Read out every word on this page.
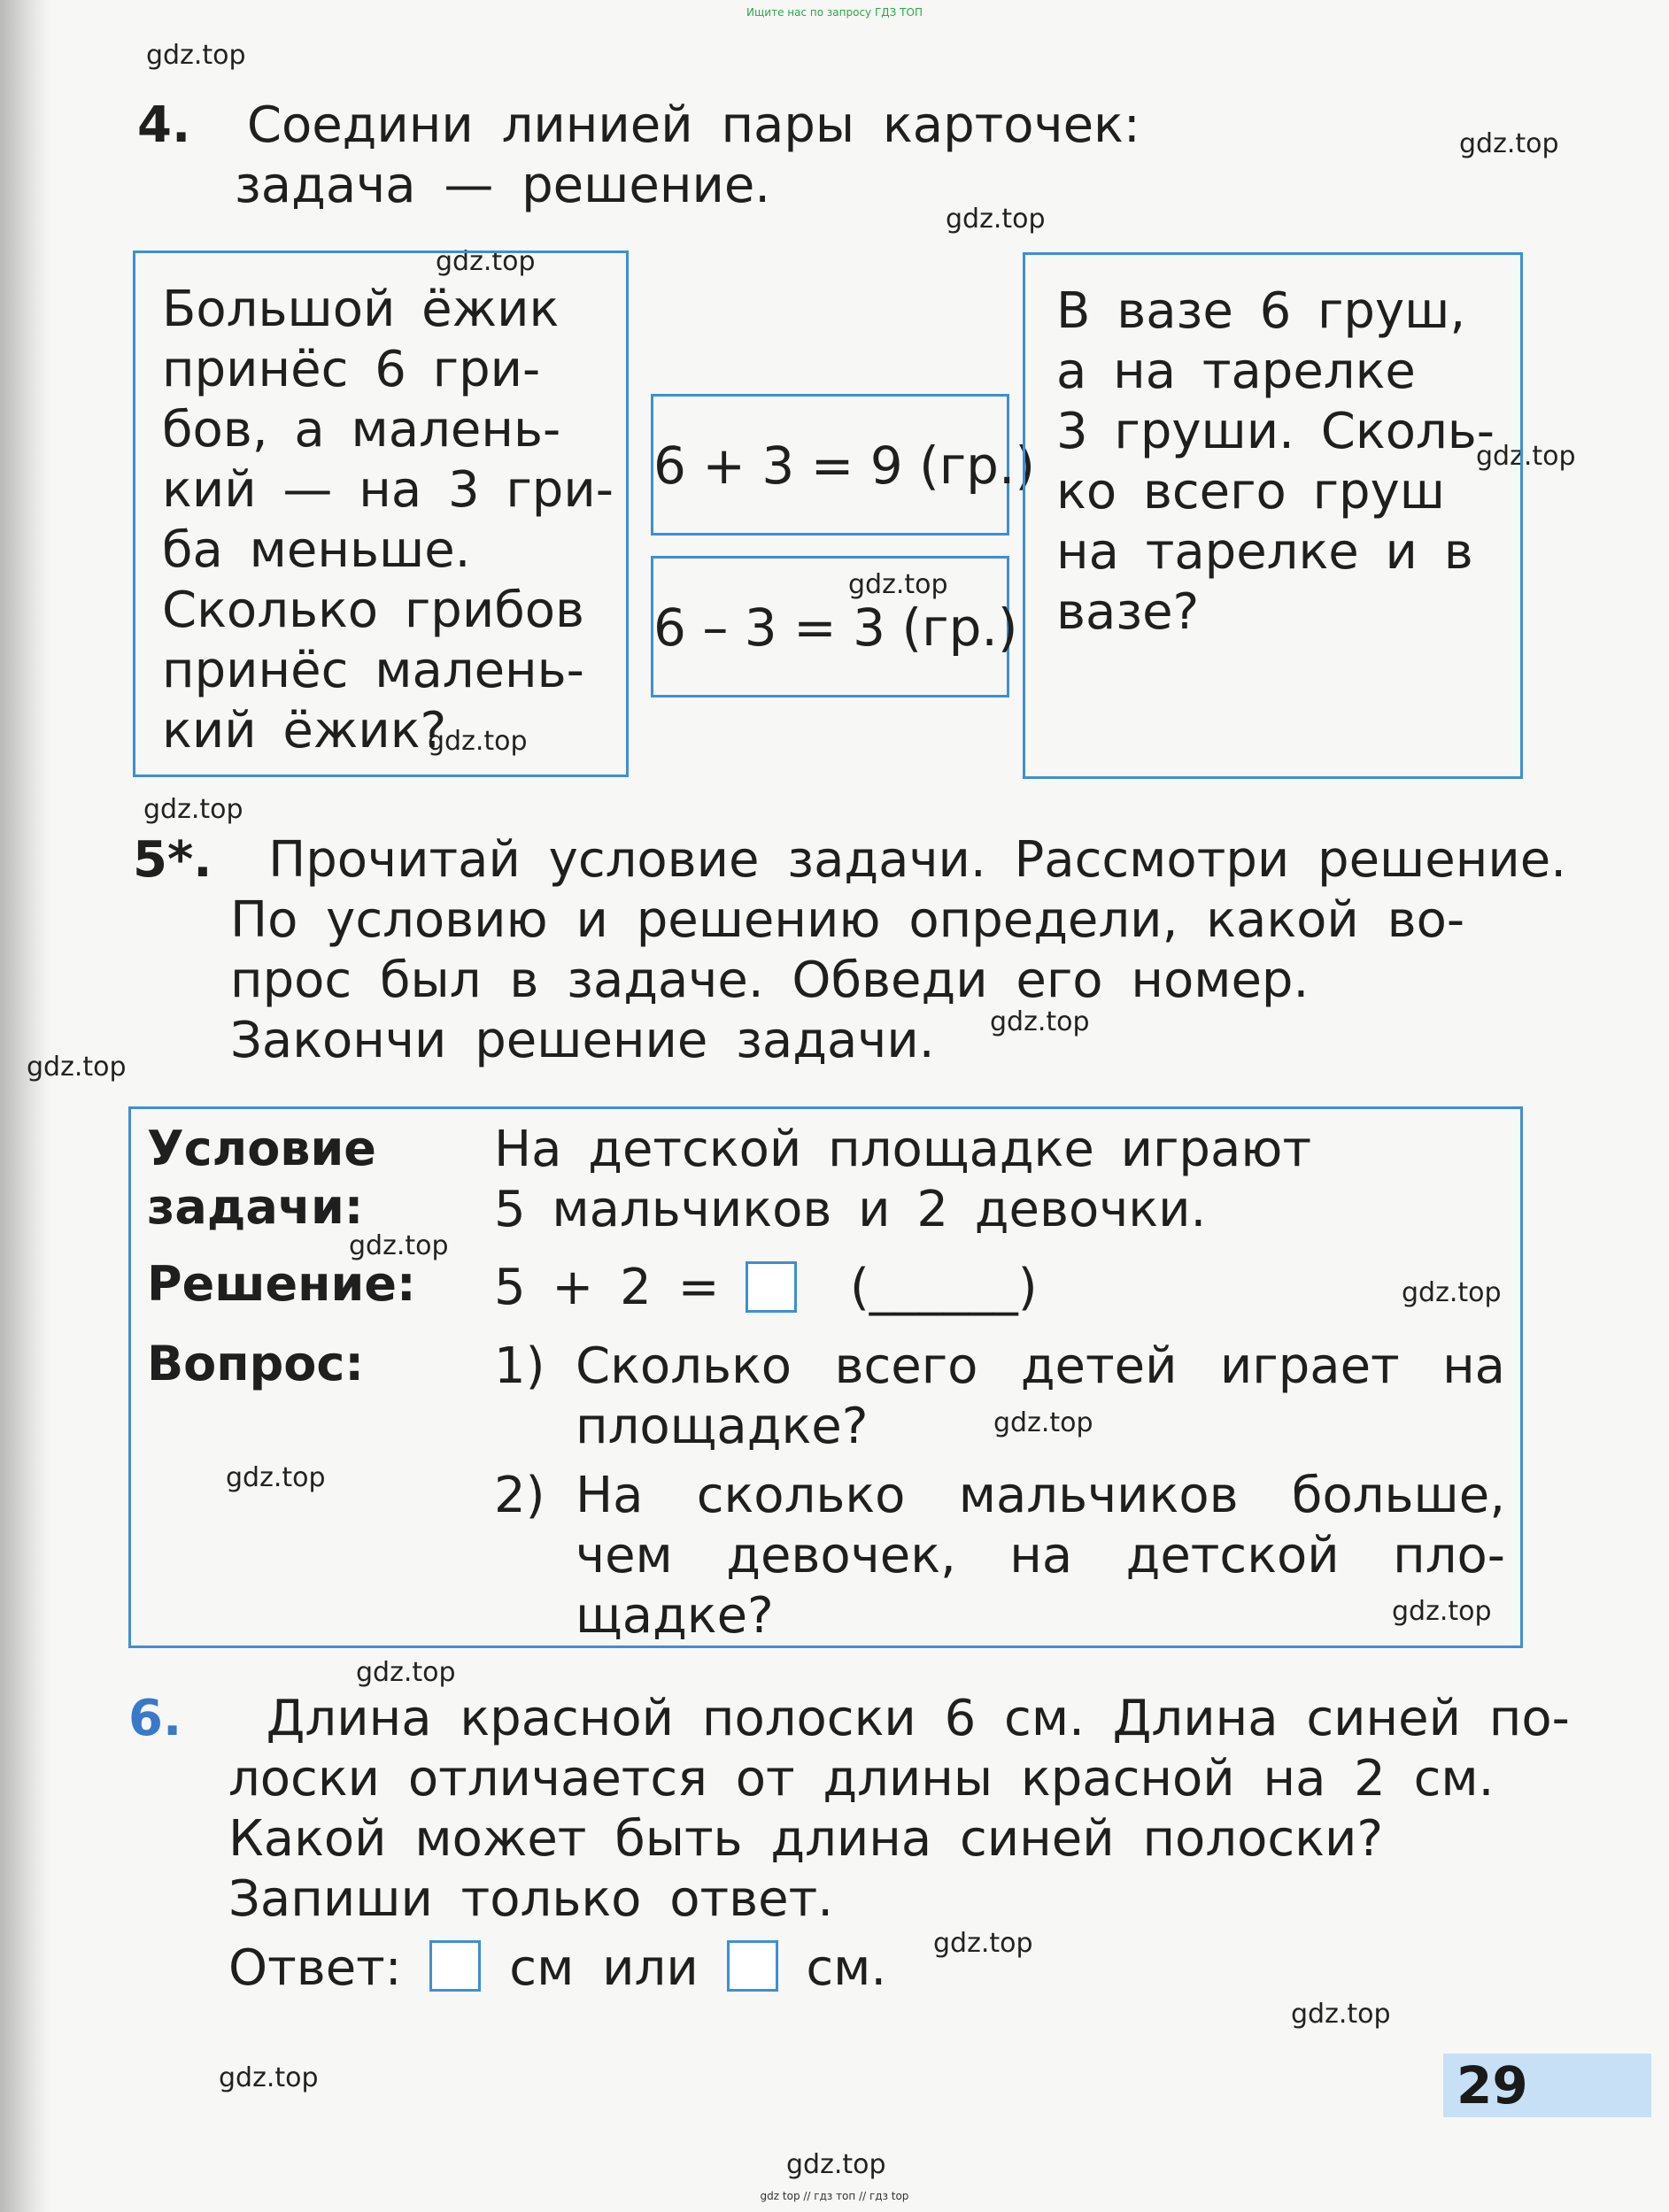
Ищите нас по запросу ГДЗ ТОП
gdz.top
gdz.top
gdz.top
gdz.top
gdz.top
gdz.top
gdz.top
gdz.top
gdz.top
gdz.top
gdz.top
gdz.top
gdz.top
gdz.top
gdz.top
gdz.top
gdz.top
gdz.top
gdz.top
gdz.top
4. Соедини линией пары карточек:
задача — решение.
Большой ёжик
принёс 6 гри-
бов, а малень-
кий — на 3 гри-
ба меньше.
Сколько грибов
принёс малень-
кий ёжик?
6 + 3 = 9 (гр.)
6 – 3 = 3 (гр.)
В вазе 6 груш,
а на тарелке
3 груши. Сколь-
ко всего груш
на тарелке и в
вазе?
5*. Прочитай условие задачи. Рассмотри решение.
По условию и решению определи, какой во-
прос был в задаче. Обведи его номер.
Закончи решение задачи.
Условие
задачи:
На детской площадке играют
5 мальчиков и 2 девочки.
Решение: 5 + 2 =	(______)
Вопрос:	1) Сколько всего детей играет на
площадке?
2) На сколько мальчиков больше,
чем девочек, на детской пло-
щадке?
6. Длина красной полоски 6 см. Длина синей по-
лоски отличается от длины красной на 2 см.
Какой может быть длина синей полоски?
Запиши только ответ.
Ответ: см или см.
29
gdz top // гдз топ // гдз top
